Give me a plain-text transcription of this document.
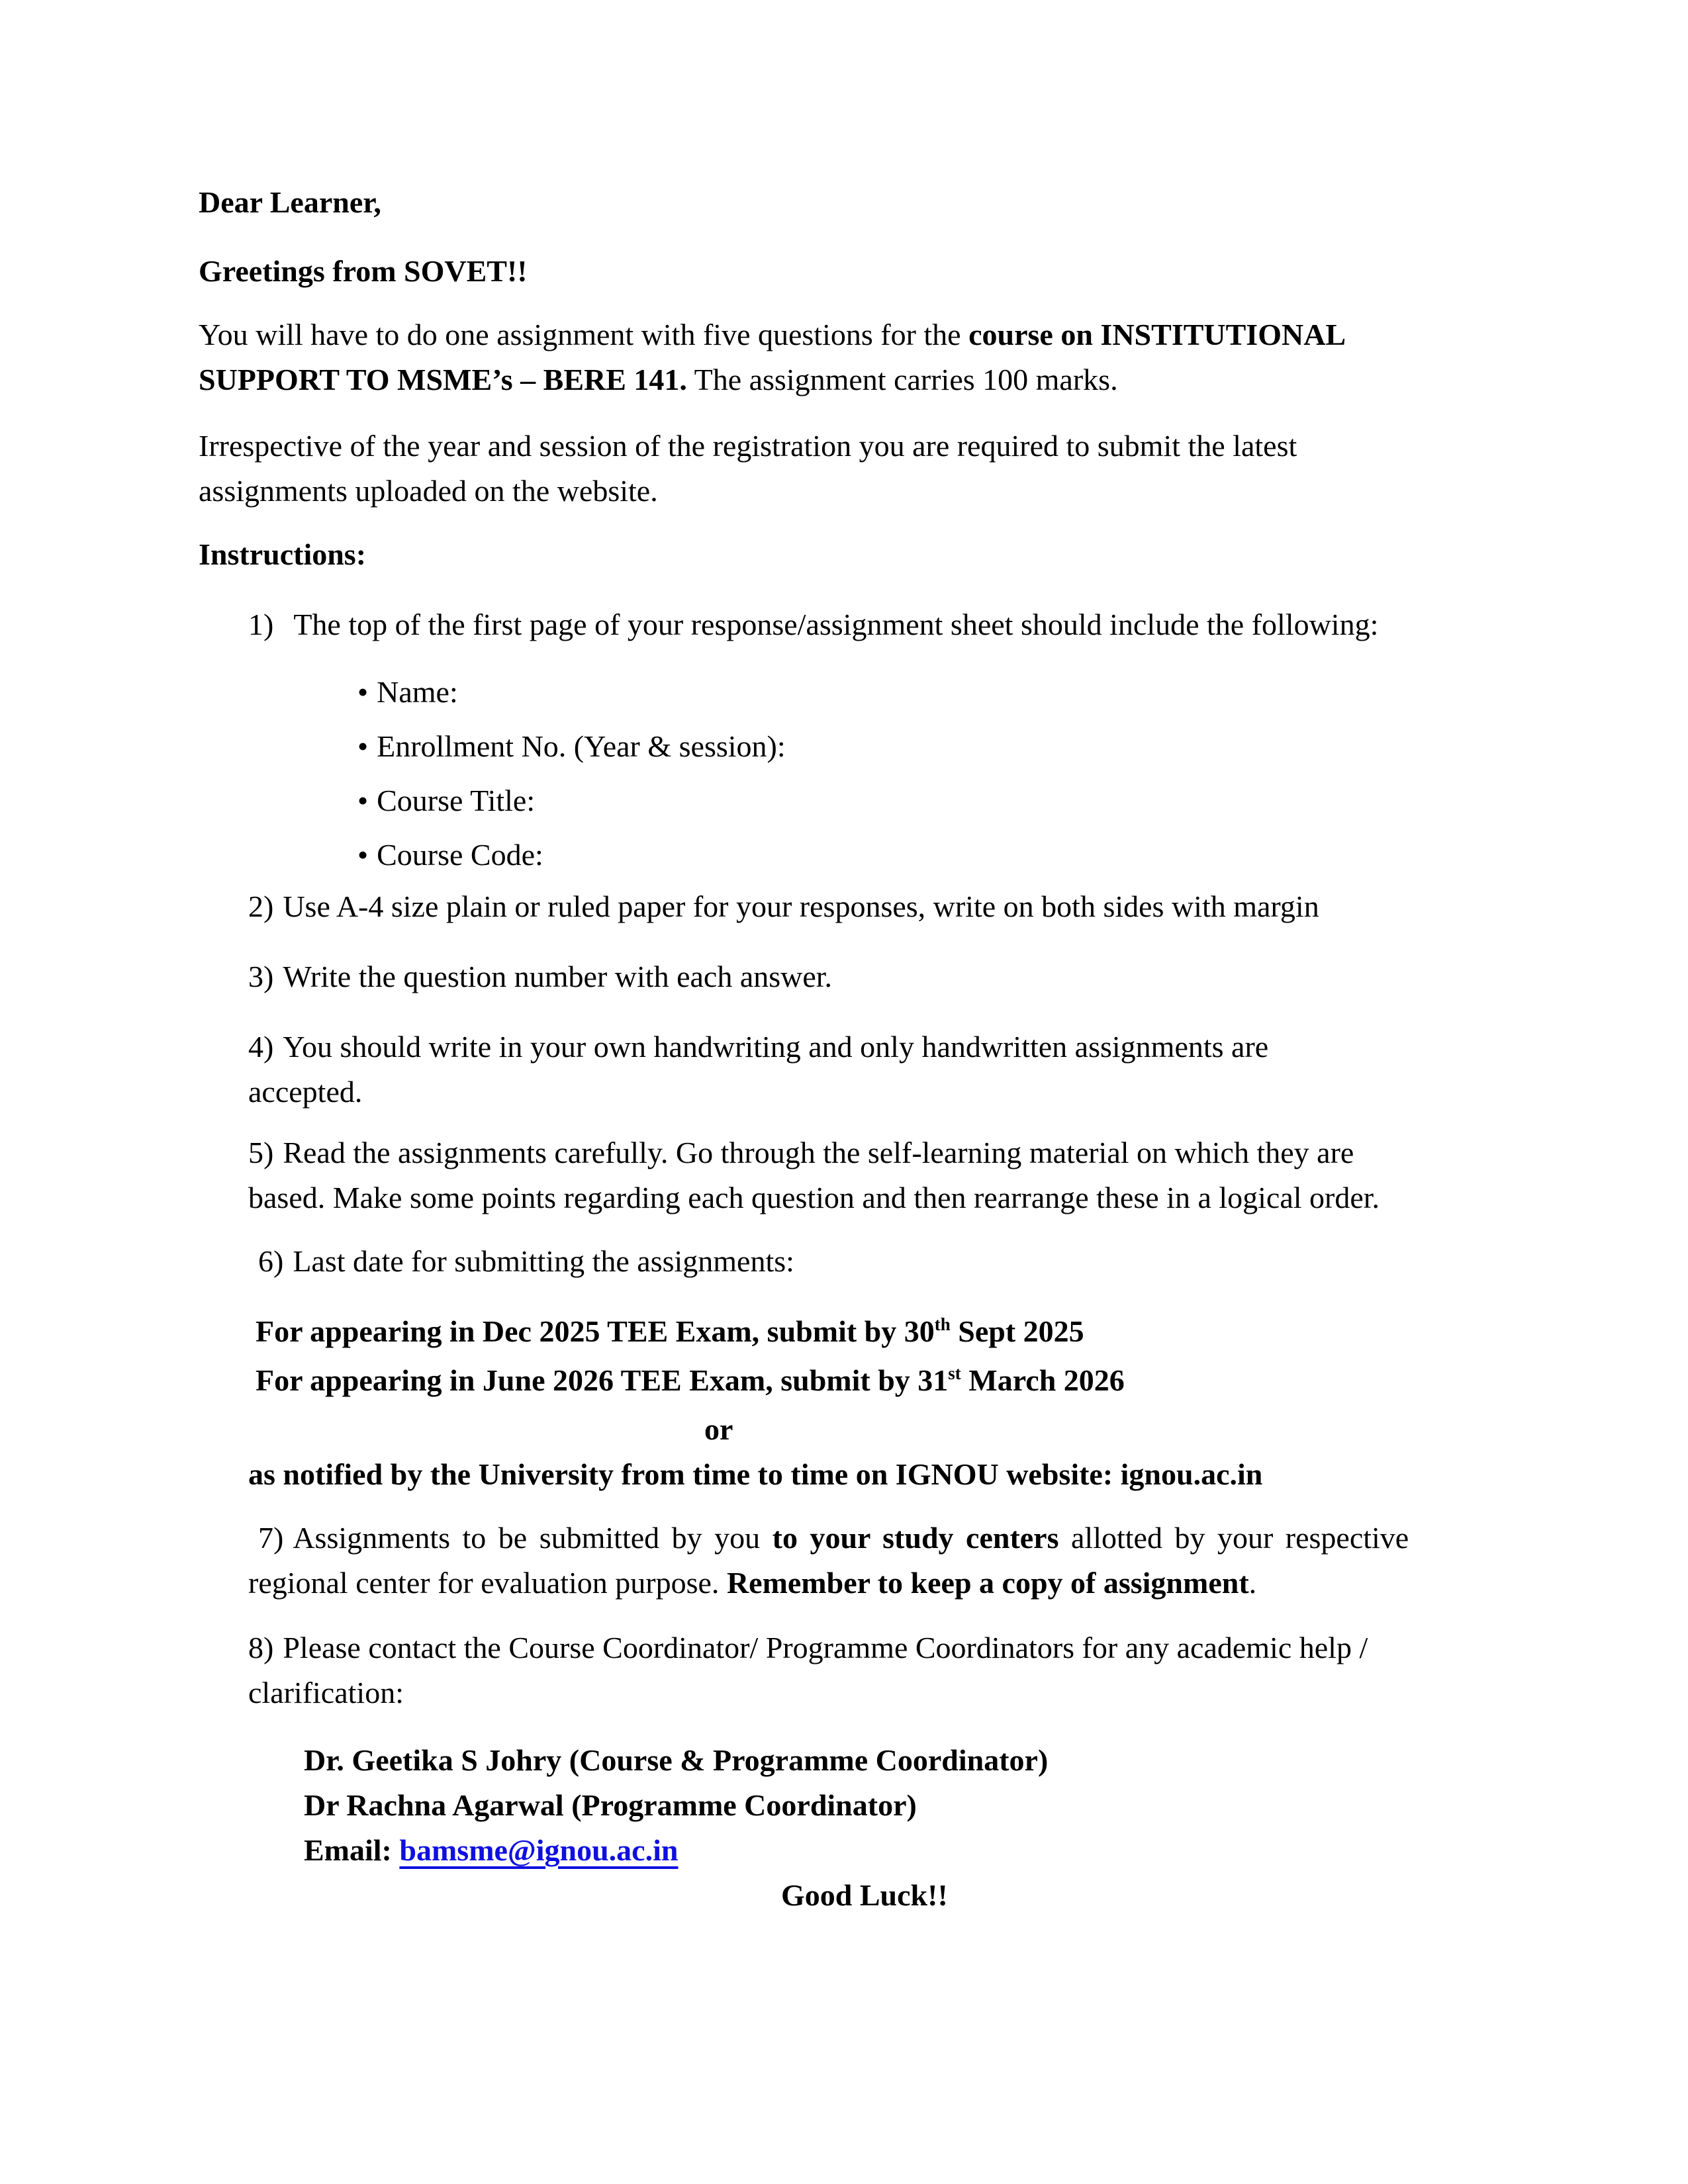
Dear Learner,

Greetings from SOVET!!

You will have to do one assignment with five questions for the course on INSTITUTIONAL
SUPPORT TO MSME’s – BERE 141. The assignment carries 100 marks.
Irrespective of the year and session of the registration you are required to submit the latest
assignments uploaded on the website.

Instructions:

1) The top of the first page of your response/assignment sheet should include the following:
• Name:
• Enrollment No. (Year & session):
• Course Title:
• Course Code:
2) Use A-4 size plain or ruled paper for your responses, write on both sides with margin
3) Write the question number with each answer.
4) You should write in your own handwriting and only handwritten assignments are
accepted.
5) Read the assignments carefully. Go through the self-learning material on which they are
based. Make some points regarding each question and then rearrange these in a logical order.
6) Last date for submitting the assignments:
For appearing in Dec 2025 TEE Exam, submit by 30th Sept 2025
For appearing in June 2026 TEE Exam, submit by 31st March 2026
or

as notified by the University from time to time on IGNOU website: ignou.ac.in

7) Assignments to be submitted by you to your study centers allotted by your respective
regional center for evaluation purpose. Remember to keep a copy of assignment.
8) Please contact the Course Coordinator/ Programme Coordinators for any academic help /
clarification:
Dr. Geetika S Johry (Course & Programme Coordinator)
Dr Rachna Agarwal (Programme Coordinator)
Email: bamsme@ignou.ac.in

Good Luck!!
